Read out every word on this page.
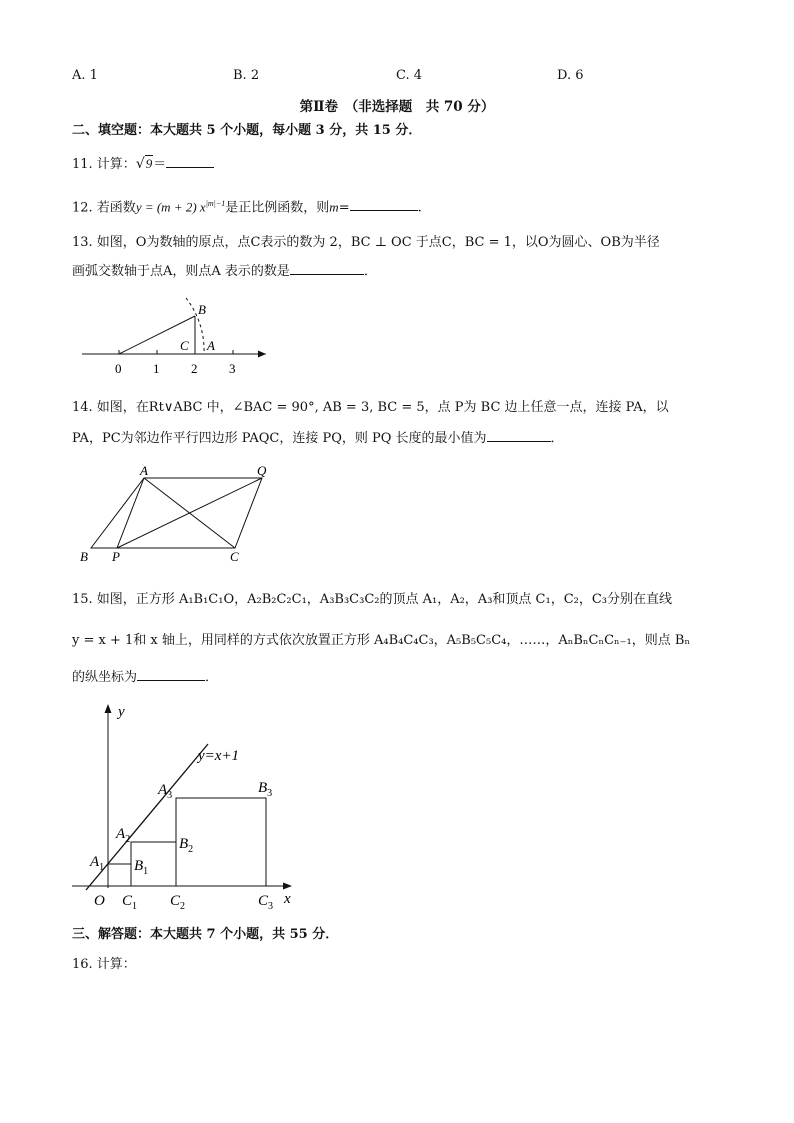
A. 1	B. 2	C. 4	D. 6
第Ⅱ卷　（非选择题　共 70 分）
二、填空题：本大题共 5 个小题，每小题 3 分，共 15 分．
11. 计算：√9＝
12. 若函数y = (m + 2) $x^{|m|-1}$是正比例函数，则m=	.
13. 如图，O为数轴的原点，点C表示的数为 2，BC ⊥ OC 于点C，BC = 1，以O为圆心、OB为半径
画弧交数轴于点A，则点A 表示的数是	．
B
C A
0 1 2 3
14. 如图，在Rt∨ABC 中，∠BAC = 90°, AB = 3, BC = 5，点 P为 BC 边上任意一点，连接 PA，以
PA，PC为邻边作平行四边形 PAQC，连接 PQ，则 PQ 长度的最小值为	．
A	Q
B P	C
15. 如图，正方形 A₁B₁C₁O，A₂B₂C₂C₁，A₃B₃C₃C₂的顶点 A₁，A₂，A₃和顶点 C₁，C₂，C₃分别在直线
y = x + 1和 x 轴上，用同样的方式依次放置正方形 A₄B₄C₄C₃，A₅B₅C₅C₄，……，AₙBₙCₙCₙ₋₁，则点 Bₙ
的纵坐标为	．
y
x
y=x+1
O
$A_1$
$A_2$
$A_3$
$B_1$
$B_2$
$B_3$
$C_1$ $C_2$	$C_3$
三、解答题：本大题共 7 个小题，共 55 分．
16. 计算：
